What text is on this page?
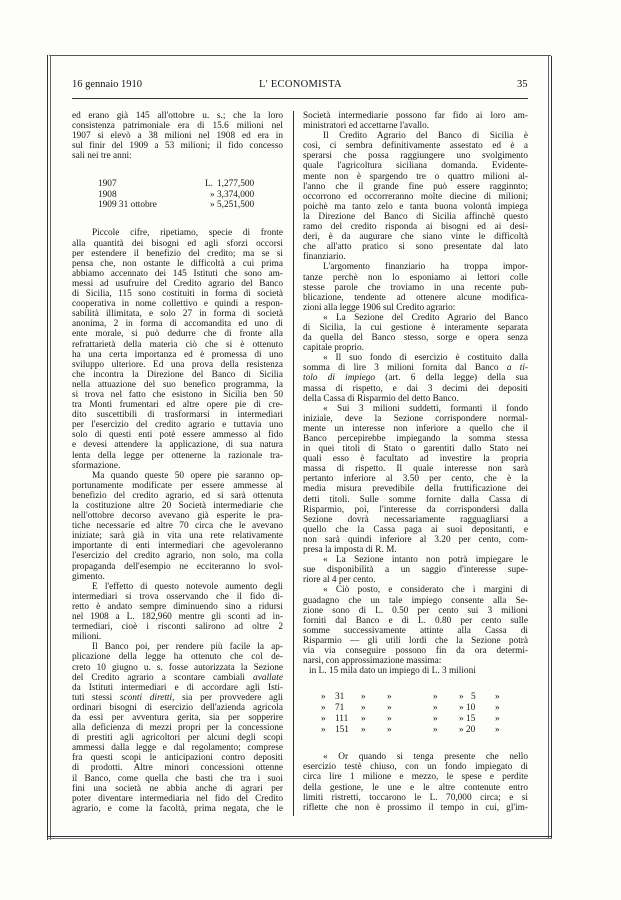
16 gennaio 1910	L' ECONOMISTA	35
ed erano già 145 all'ottobre u. s.; che la loro
consistenza patrimoniale era di 15.6 milioni nel
1907 si elevò a 38 milioni nel 1908 ed era in
sul finir del 1909 a 53 milioni; il fido concesso
sali nei tre anni:
1907	L. 1,277,500
1908	» 3,374,000
1909 31 ottobre	» 5,251,500
Piccole cifre, ripetiamo, specie di fronte
alla quantità dei bisogni ed agli sforzi occorsi
per estendere il benefizio del credito; ma se si
pensa che, non ostante le difficoltà a cui prima
abbiamo accennato dei 145 Istituti che sono am-
messi ad usufruire del Credito agrario del Banco
di Sicilia, 115 sono costituiti in forma di società
cooperativa in nome collettivo e quindi a respon-
sabilità illimitata, e solo 27 in forma di società
anonima, 2 in forma di accomandita ed uno di
ente morale, si può dedurre che di fronte alla
refrattarietà della materia ciò che si è ottenuto
ha una certa importanza ed è promessa di uno
sviluppo ulteriore. Ed una prova della resistenza
che incontra la Direzione del Banco di Sicilia
nella attuazione del suo benefico programma, la
si trova nel fatto che esistono in Sicilia ben 50
tra Monti frumentari ed altre opere pie di cre-
dito suscettibili di trasformarsi in intermediari
per l'esercizio del credito agrario e tuttavia uno
solo di questi enti potè essere ammesso al fido
e devesi attendere la applicazione, di sua natura
lenta della legge per ottenerne la razionale tra-
sformazione.
Ma quando queste 50 opere pie saranno op-
portunamente modificate per essere ammesse al
benefizio del credito agrario, ed si sarà ottenuta
la costituzione altre 20 Società intermediarie che
nell'ottobre decorso avevano già esperite le pra-
tiche necessarie ed altre 70 circa che le avevano
iniziate; sarà già in vita una rete relativamente
importante di enti intermediari che agevoleranno
l'esercizio del credito agrario, non solo, ma colla
propaganda dell'esempio ne ecciteranno lo svol-
gimento.
E l'effetto di questo notevole aumento degli
intermediari si trova osservando che il fido di-
retto è andato sempre diminuendo sino a ridursi
nel 1908 a L. 182,960 mentre gli sconti ad in-
termediari, cioè i risconti salirono ad oltre 2
milioni.
Il Banco poi, per rendere più facile la ap-
plicazione della legge ha ottenuto che col de-
creto 10 giugno u. s. fosse autorizzata la Sezione
del Credito agrario a scontare cambiali avallate
da Istituti intermediari e di accordare agli Isti-
tuti stessi sconti diretti, sia per provvedere agli
ordinari bisogni di esercizio dell'azienda agricola
da essi per avventura gerita, sia per sopperire
alla deficienza di mezzi propri per la concessione
di prestiti agli agricoltori per alcuni degli scopi
ammessi dalla legge e dal regolamento; comprese
fra questi scopi le anticipazioni contro depositi
di prodotti. Altre minori concessioni ottenne
il Banco, come quella che basti che tra i suoi
fini una società ne abbia anche di agrari per
poter diventare intermediaria nel fido del Credito
agrario, e come la facoltà, prima negata, che le
Società intermediarie possono far fido ai loro am-
ministratori ed accettarne l'avallo.
Il Credito Agrario del Banco di Sicilia è
così, ci sembra definitivamente assestato ed è a
sperarsi che possa raggiungere uno svolgimento
quale l'agricoltura siciliana domanda. Evidente-
mente non è spargendo tre o quattro milioni al-
l'anno che il grande fine può essere ragginnto;
occorrono ed occorreranno molte diecine di milioni;
poichè ma tanto zelo e tanta buona volontà impiega
la Direzione del Banco di Sicilia affinchè questo
ramo del credito risponda ai bisogni ed ai desi-
deri, è da augurare che siano vinte le difficoltà
che all'atto pratico si sono presentate dal lato
finanziario.
L'argomento finanziario ha troppa impor-
tanze perchè non lo esponiamo ai lettori colle
stesse parole che troviamo in una recente pub-
blicazione, tendente ad ottenere alcune modifica-
zioni alla legge 1906 sul Credito agrario:
« La Sezione del Credito Agrario del Banco
di Sicilia, la cui gestione è interamente separata
da quella del Banco stesso, sorge e opera senza
capitale proprio.
« Il suo fondo di esercizio è costituito dalla
somma di lire 3 milioni fornita dal Banco a ti-
tolo di impiego (art. 6 della legge) della sua
massa di rispetto, e dai 3 decimi dei depositi
della Cassa di Risparmio del detto Banco.
« Sui 3 milioni suddetti, formanti il fondo
iniziale, deve la Sezione corrispondere normal-
mente un interesse non inferiore a quello che il
Banco percepirebbe impiegando la somma stessa
in quei titoli di Stato o garentiti dallo Stato nei
quali esso è facultato ad investire la propria
massa di rispetto. Il quale interesse non sarà
pertanto inferiore al 3.50 per cento, che è la
media misura prevedibile della fruttificazione dei
detti titoli. Sulle somme fornite dalla Cassa di
Risparmio, poi, l'interesse da corrispondersi dalla
Sezione dovrà necessariamente ragguagliarsi a
quello che la Cassa paga ai suoi depositanti, e
non sarà quindi inferiore al 3.20 per cento, com-
presa la imposta di R. M.
« La Sezione intanto non potrà impiegare le
sue disponibilità a un saggio d'interesse supe-
riore al 4 per cento.
« Ciò posto, e considerato che i margini di
guadagno che un tale impiego consente alla Se-
zione sono di L. 0.50 per cento sui 3 milioni
forniti dal Banco e di L. 0.80 per cento sulle
somme successivamente attinte alla Cassa di
Risparmio — gli utili lordi che la Sezione potrà
via via conseguire possono fin da ora determi-
narsi, con approssimazione massima:
in L. 15 mila dato un impiego di L. 3 milioni
» 31 » »	» » 5 »
» 71 » »	» » 10 »
» 111 » »	» » 15 »
» 151 » »	» » 20 »
« Or quando si tenga presente che nello
esercizio testè chiuso, con un fondo impiegato di
circa lire 1 milione e mezzo, le spese e perdite
della gestione, le une e le altre contenute entro
limiti ristretti, toccarono le L. 70,000 circa; e si
riflette che non è prossimo il tempo in cui, gl'im-
